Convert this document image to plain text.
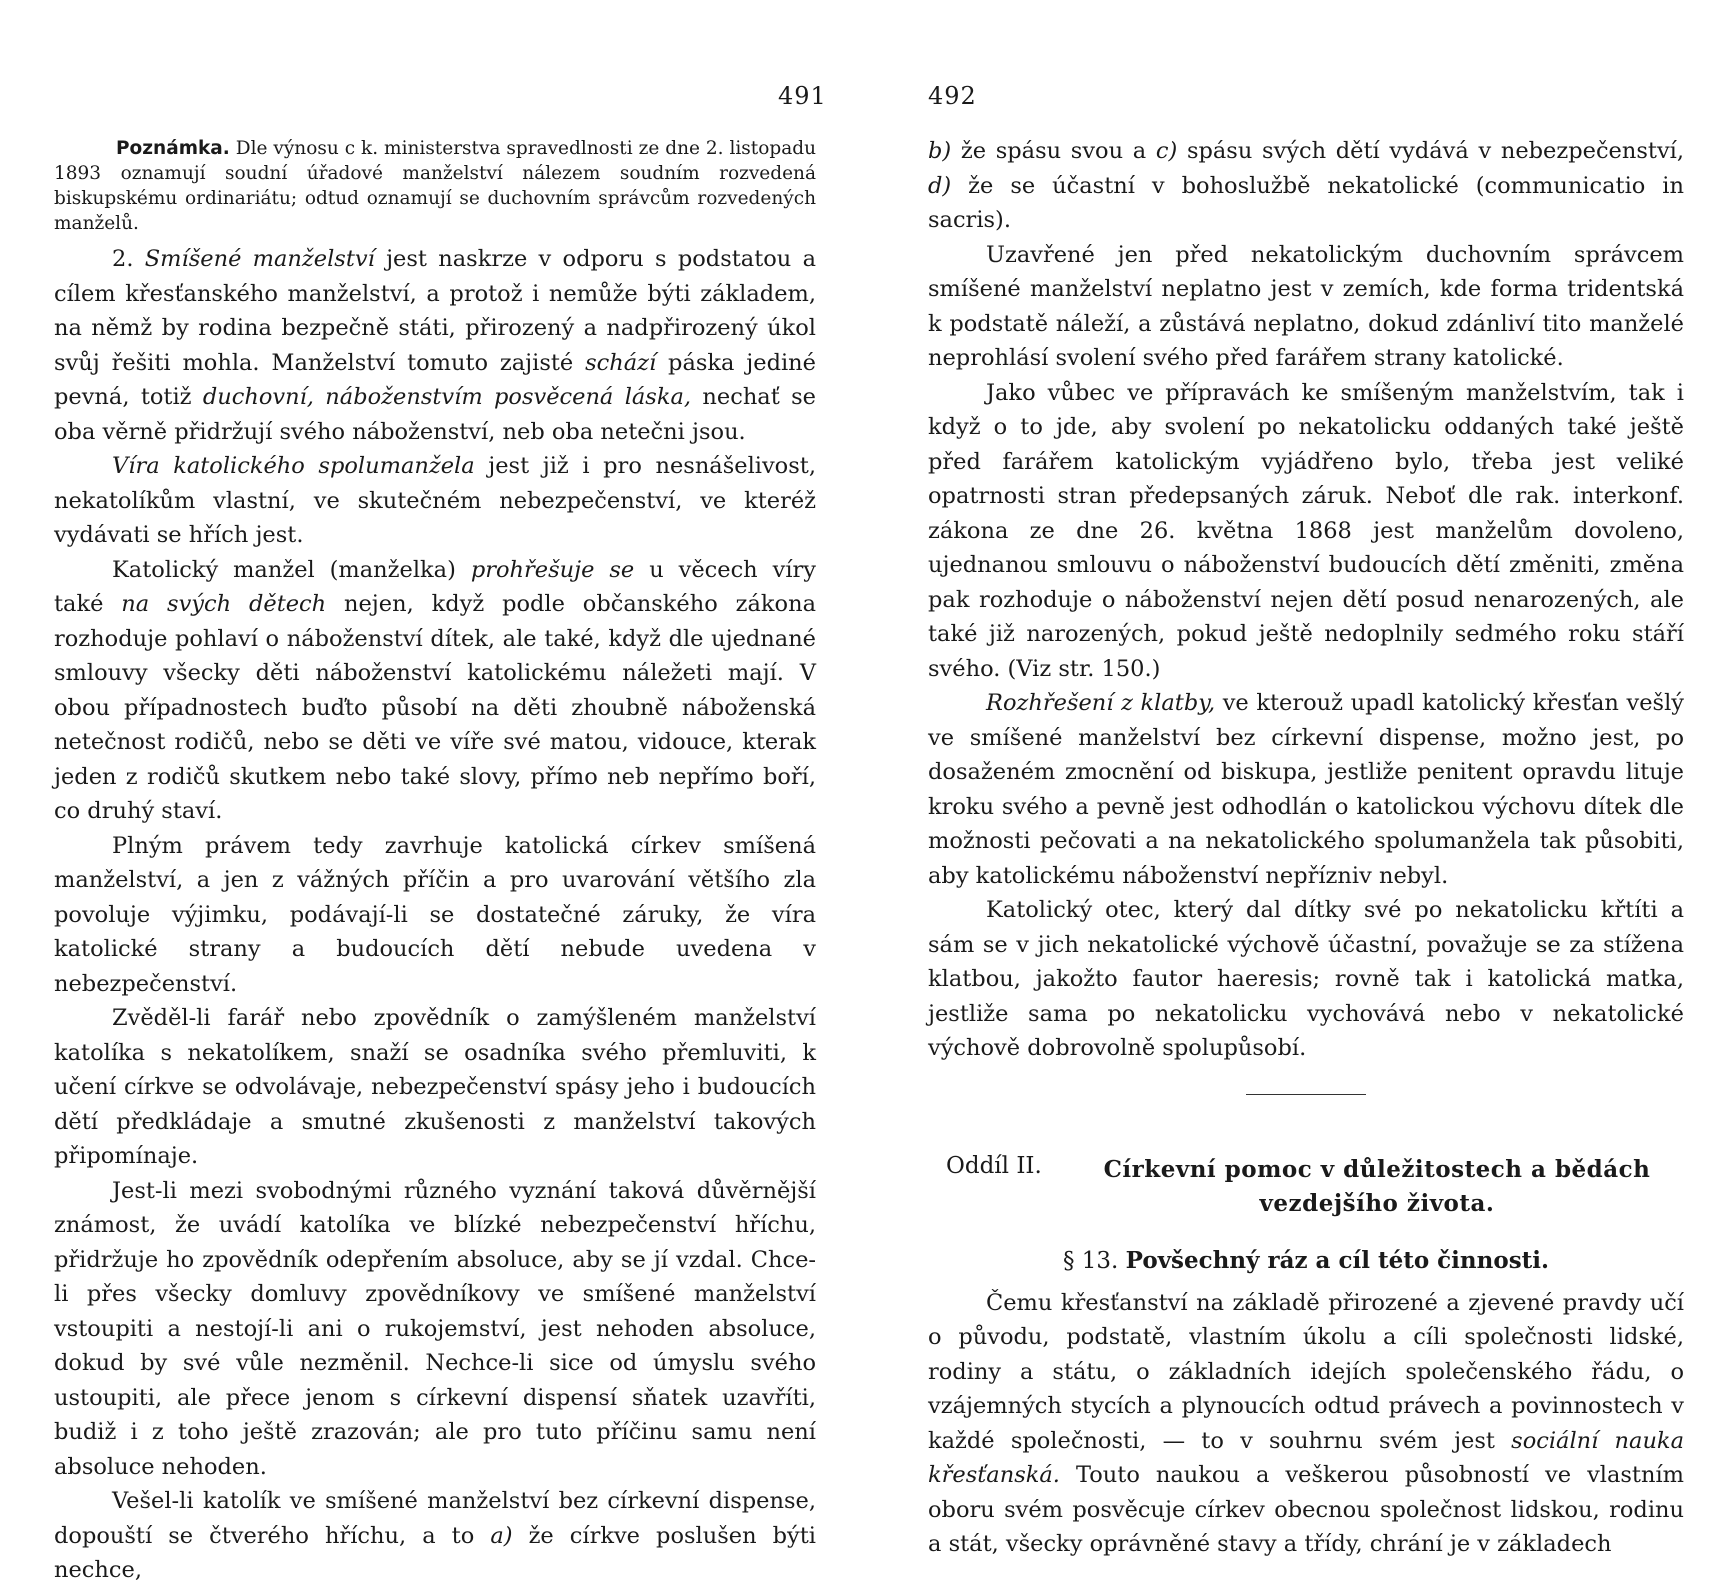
491

Poznámka. Dle výnosu c k. ministerstva spravedlnosti ze dne 2. listopadu 1893 oznamují soudní úřadové manželství nálezem soudním rozvedená biskupskému ordinariátu; odtud oznamují se duchovním správcům rozvedených manželů.

2. Smíšené manželství jest naskrze v odporu s podstatou a cílem křesťanského manželství, a protož i nemůže býti základem, na němž by rodina bezpečně státi, přirozený a nadpřirozený úkol svůj řešiti mohla. Manželství tomuto zajisté schází páska jediné pevná, totiž duchovní, náboženstvím posvěcená láska, nechať se oba věrně přidržují svého náboženství, neb oba netečni jsou.

Víra katolického spolumanžela jest již i pro nesnášelivost, nekatolíkům vlastní, ve skutečném nebezpečenství, ve kteréž vydávati se hřích jest.

Katolický manžel (manželka) prohřešuje se u věcech víry také na svých dětech nejen, když podle občanského zákona rozhoduje pohlaví o náboženství dítek, ale také, když dle ujednané smlouvy všecky děti náboženství katolickému náležeti mají. V obou případnostech buďto působí na děti zhoubně náboženská netečnost rodičů, nebo se děti ve víře své matou, vidouce, kterak jeden z rodičů skutkem nebo také slovy, přímo neb nepřímo boří, co druhý staví.

Plným právem tedy zavrhuje katolická církev smíšená manželství, a jen z vážných příčin a pro uvarování většího zla povoluje výjimku, podávají-li se dostatečné záruky, že víra katolické strany a budoucích dětí nebude uvedena v nebezpečenství.

Zvěděl-li farář nebo zpovědník o zamýšleném manželství katolíka s nekatolíkem, snaží se osadníka svého přemluviti, k učení církve se odvolávaje, nebezpečenství spásy jeho i budoucích dětí předkládaje a smutné zkušenosti z manželství takových připomínaje.

Jest-li mezi svobodnými různého vyznání taková důvěrnější známost, že uvádí katolíka ve blízké nebezpečenství hříchu, přidržuje ho zpovědník odepřením absoluce, aby se jí vzdal. Chce-li přes všecky domluvy zpovědníkovy ve smíšené manželství vstoupiti a nestojí-li ani o rukojemství, jest nehoden absoluce, dokud by své vůle nezměnil. Nechce-li sice od úmyslu svého ustoupiti, ale přece jenom s církevní dispensí sňatek uzavříti, budiž i z toho ještě zrazován; ale pro tuto příčinu samu není absoluce nehoden.

Vešel-li katolík ve smíšené manželství bez církevní dispense, dopouští se čtverého hříchu, a to a) že církve poslušen býti nechce,

492

b) že spásu svou a c) spásu svých dětí vydává v nebezpečenství, d) že se účastní v bohoslužbě nekatolické (communicatio in sacris).

Uzavřené jen před nekatolickým duchovním správcem smíšené manželství neplatno jest v zemích, kde forma tridentská k podstatě náleží, a zůstává neplatno, dokud zdánliví tito manželé neprohlásí svolení svého před farářem strany katolické.

Jako vůbec ve přípravách ke smíšeným manželstvím, tak i když o to jde, aby svolení po nekatolicku oddaných také ještě před farářem katolickým vyjádřeno bylo, třeba jest veliké opatrnosti stran předepsaných záruk. Neboť dle rak. interkonf. zákona ze dne 26. května 1868 jest manželům dovoleno, ujednanou smlouvu o náboženství budoucích dětí změniti, změna pak rozhoduje o náboženství nejen dětí posud nenarozených, ale také již narozených, pokud ještě nedoplnily sedmého roku stáří svého. (Viz str. 150.)

Rozhřešení z klatby, ve kterouž upadl katolický křesťan vešlý ve smíšené manželství bez církevní dispense, možno jest, po dosaženém zmocnění od biskupa, jestliže penitent opravdu lituje kroku svého a pevně jest odhodlán o katolickou výchovu dítek dle možnosti pečovati a na nekatolického spolumanžela tak působiti, aby katolickému náboženství nepřízniv nebyl.

Katolický otec, který dal dítky své po nekatolicku křtíti a sám se v jich nekatolické výchově účastní, považuje se za stížena klatbou, jakožto fautor haeresis; rovně tak i katolická matka, jestliže sama po nekatolicku vychovává nebo v nekatolické výchově dobrovolně spolupůsobí.

Oddíl II.	Církevní pomoc v důležitostech a bědách vezdejšího života.
§ 13. Povšechný ráz a cíl této činnosti.

Čemu křesťanství na základě přirozené a zjevené pravdy učí o původu, podstatě, vlastním úkolu a cíli společnosti lidské, rodiny a státu, o základních idejích společenského řádu, o vzájemných stycích a plynoucích odtud právech a povinnostech v každé společnosti, — to v souhrnu svém jest sociální nauka křesťanská. Touto naukou a veškerou působností ve vlastním oboru svém posvěcuje církev obecnou společnost lidskou, rodinu a stát, všecky oprávněné stavy a třídy, chrání je v základech
